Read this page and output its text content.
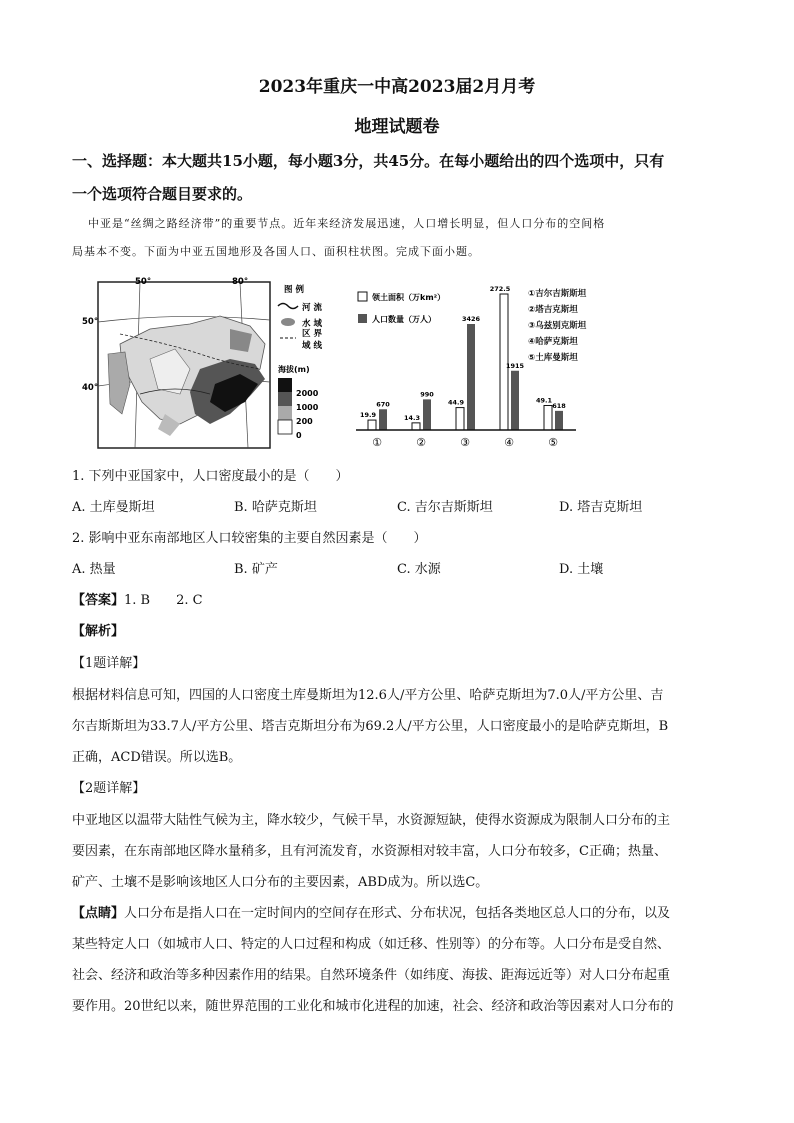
2023年重庆一中高2023届2月月考
地理试题卷
一、选择题：本大题共15小题，每小题3分，共45分。在每小题给出的四个选项中，只有
一个选项符合题目要求的。
中亚是“丝绸之路经济带”的重要节点。近年来经济发展迅速，人口增长明显，但人口分布的空间格
局基本不变。下面为中亚五国地形及各国人口、面积柱状图。完成下面小题。
50°	80°
50°
40°
图 例
河 流
水 域
区 界
域 线
海拔(m)
2000
1000
200
0
领土面积（万km²）
人口数量（万人）
19.9
670
①
14.3
990
②
44.9
3426
③
272.5
1915
④
49.1
618
⑤
①吉尔吉斯斯坦
②塔吉克斯坦
③乌兹别克斯坦
④哈萨克斯坦
⑤土库曼斯坦
1. 下列中亚国家中，人口密度最小的是（　　）
A. 土库曼斯坦	B. 哈萨克斯坦	C. 吉尔吉斯斯坦	D. 塔吉克斯坦
2. 影响中亚东南部地区人口较密集的主要自然因素是（　　）
A. 热量	B. 矿产	C. 水源	D. 土壤
【答案】1. B　　2. C
【解析】
【1题详解】
根据材料信息可知，四国的人口密度土库曼斯坦为12.6人/平方公里、哈萨克斯坦为7.0人/平方公里、吉
尔吉斯斯坦为33.7人/平方公里、塔吉克斯坦分布为69.2人/平方公里，人口密度最小的是哈萨克斯坦，B
正确，ACD错误。所以选B。
【2题详解】
中亚地区以温带大陆性气候为主，降水较少，气候干旱，水资源短缺，使得水资源成为限制人口分布的主
要因素，在东南部地区降水量稍多，且有河流发育，水资源相对较丰富，人口分布较多，C正确；热量、
矿产、土壤不是影响该地区人口分布的主要因素，ABD成为。所以选C。
【点睛】人口分布是指人口在一定时间内的空间存在形式、分布状况，包括各类地区总人口的分布，以及
某些特定人口（如城市人口、特定的人口过程和构成（如迁移、性别等）的分布等。人口分布是受自然、
社会、经济和政治等多种因素作用的结果。自然环境条件（如纬度、海拔、距海远近等）对人口分布起重
要作用。20世纪以来，随世界范围的工业化和城市化进程的加速，社会、经济和政治等因素对人口分布的
